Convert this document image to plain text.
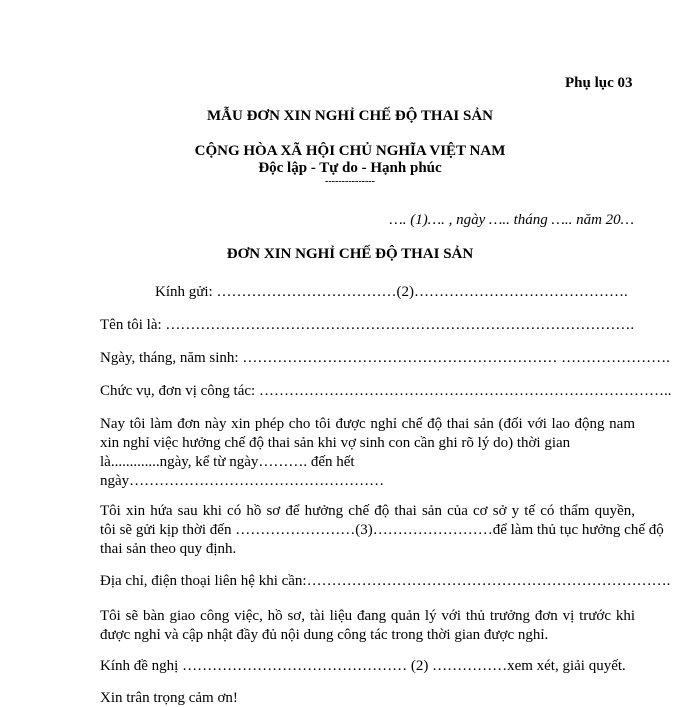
Phụ lục 03
MẪU ĐƠN XIN NGHỈ CHẾ ĐỘ THAI SẢN
CỘNG HÒA XÃ HỘI CHỦ NGHĨA VIỆT NAM
Độc lập - Tự do - Hạnh phúc
---------------
…. (1)…. , ngày ….. tháng ….. năm 20…
ĐƠN XIN NGHỈ CHẾ ĐỘ THAI SẢN
Kính gửi: ………………………………(2)…………………………………….
Tên tôi là: ………………………………………………………………………………….
Ngày, tháng, năm sinh: ……………………………………………………… ………………….
Chức vụ, đơn vị công tác: ………………………………………………………………………..
Nay tôi làm đơn này xin phép cho tôi được nghỉ chế độ thai sản (đối với lao động nam
xin nghỉ việc hưởng chế độ thai sản khi vợ sinh con cần ghi rõ lý do) thời gian
là.............ngày, kể từ ngày………. đến hết
ngày……………………………………………
Tôi xin hứa sau khi có hồ sơ để hưởng chế độ thai sản của cơ sở y tế có thẩm quyền,
tôi sẽ gửi kịp thời đến ……………………(3)……………………để làm thủ tục hưởng chế độ
thai sản theo quy định.
Địa chỉ, điện thoại liên hệ khi cần:……………………………………………………………….
Tôi sẽ bàn giao công việc, hồ sơ, tài liệu đang quản lý với thủ trưởng đơn vị trước khi
được nghỉ và cập nhật đầy đủ nội dung công tác trong thời gian được nghỉ.
Kính đề nghị ……………………………………… (2) ……………xem xét, giải quyết.
Xin trân trọng cảm ơn!
